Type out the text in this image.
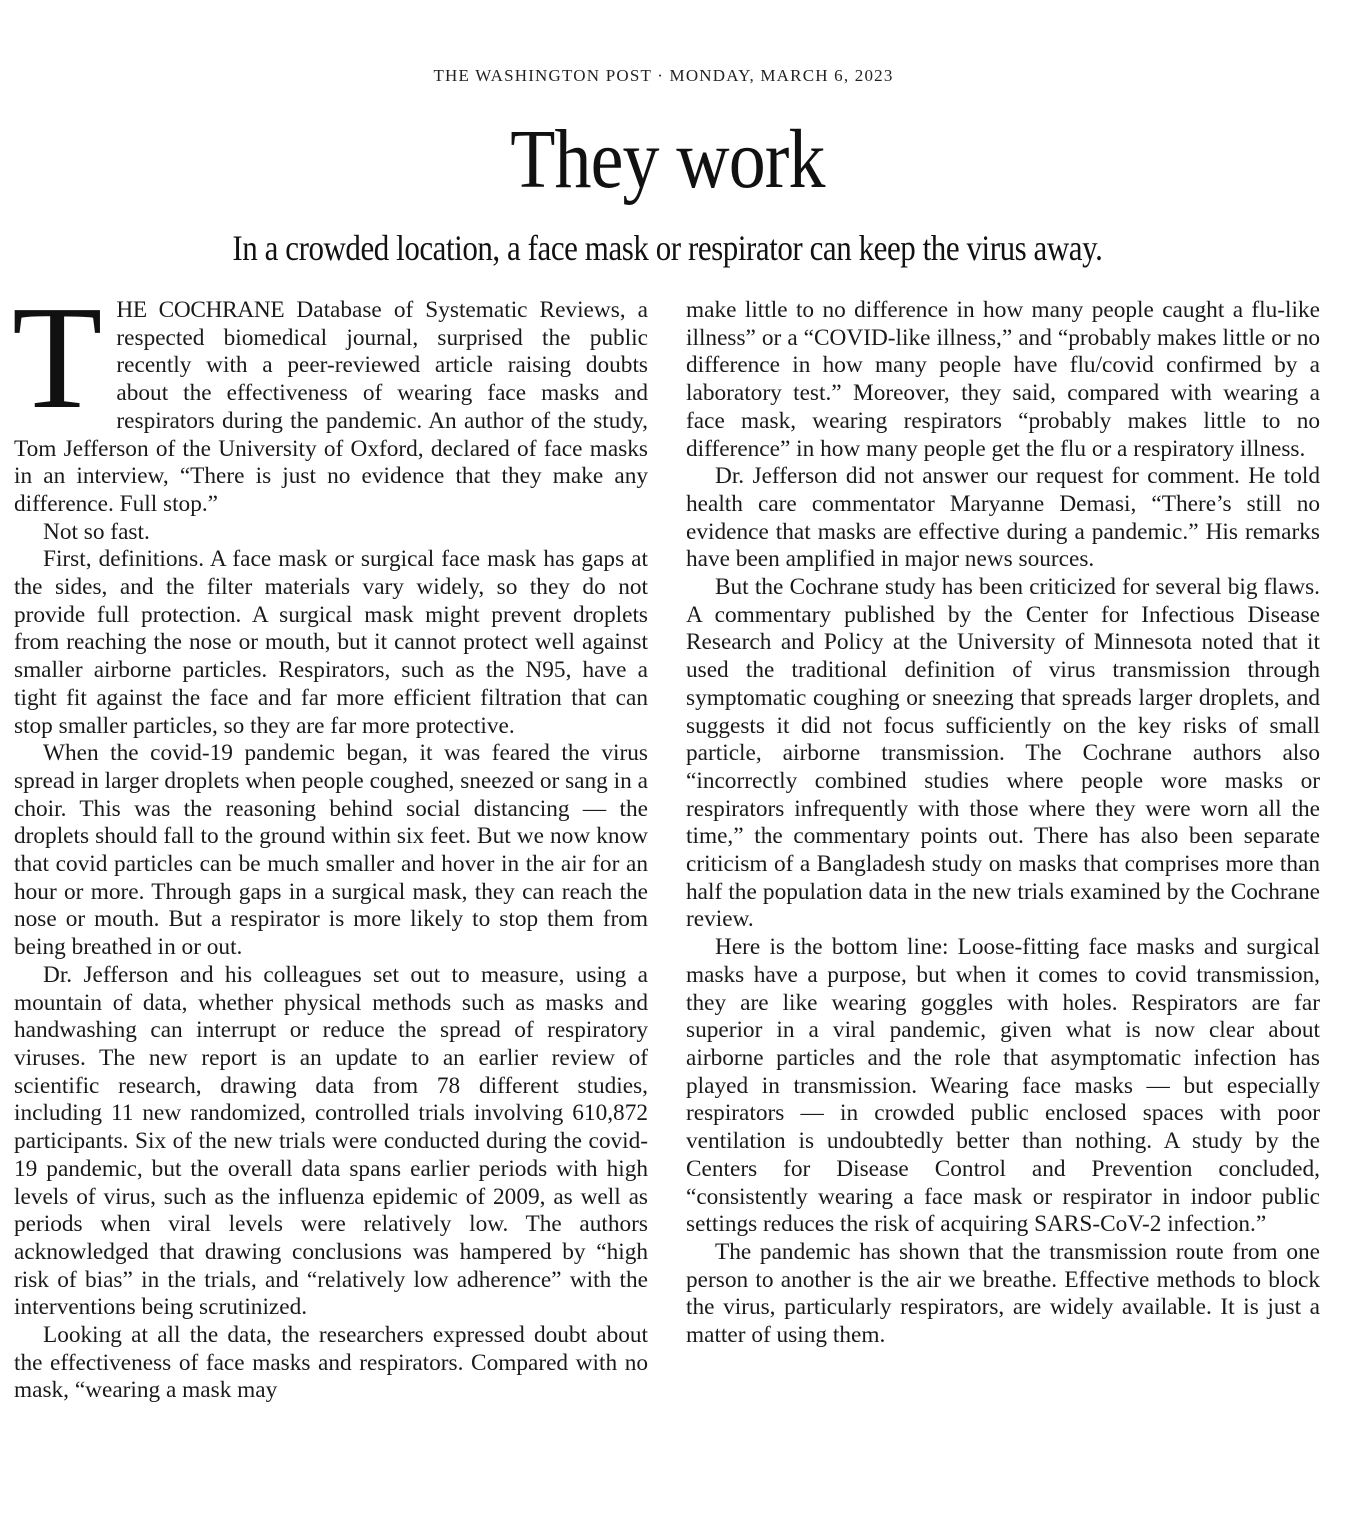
THE WASHINGTON POST · MONDAY, MARCH 6, 2023
They work
In a crowded location, a face mask or respirator can keep the virus away.

THE COCHRANE Database of Systematic Reviews, a respected biomedical journal, surprised the public recently with a peer-reviewed article raising doubts about the effectiveness of wearing face masks and respirators during the pandemic. An author of the study, Tom Jefferson of the University of Oxford, declared of face masks in an interview, “There is just no evidence that they make any difference. Full stop.”

Not so fast.

First, definitions. A face mask or surgical face mask has gaps at the sides, and the filter materials vary widely, so they do not provide full protection. A surgical mask might prevent droplets from reaching the nose or mouth, but it cannot protect well against smaller airborne particles. Respirators, such as the N95, have a tight fit against the face and far more efficient filtration that can stop smaller particles, so they are far more protective.

When the covid-19 pandemic began, it was feared the virus spread in larger droplets when people coughed, sneezed or sang in a choir. This was the reasoning behind social distancing — the droplets should fall to the ground within six feet. But we now know that covid particles can be much smaller and hover in the air for an hour or more. Through gaps in a surgical mask, they can reach the nose or mouth. But a respirator is more likely to stop them from being breathed in or out.

Dr. Jefferson and his colleagues set out to measure, using a mountain of data, whether physical methods such as masks and handwashing can interrupt or reduce the spread of respiratory viruses. The new report is an update to an earlier review of scientific research, drawing data from 78 different studies, including 11 new randomized, controlled trials involving 610,872 participants. Six of the new trials were conducted during the covid-19 pandemic, but the overall data spans earlier periods with high levels of virus, such as the influenza epidemic of 2009, as well as periods when viral levels were relatively low. The authors acknowledged that drawing conclusions was hampered by “high risk of bias” in the trials, and “relatively low adherence” with the interventions being scrutinized.

Looking at all the data, the researchers expressed doubt about the effectiveness of face masks and respirators. Compared with no mask, “wearing a mask may

make little to no difference in how many people caught a flu-like illness” or a “COVID-like illness,” and “probably makes little or no difference in how many people have flu/covid confirmed by a laboratory test.” Moreover, they said, compared with wearing a face mask, wearing respirators “probably makes little to no difference” in how many people get the flu or a respiratory illness.

Dr. Jefferson did not answer our request for comment. He told health care commentator Maryanne Demasi, “There’s still no evidence that masks are effective during a pandemic.” His remarks have been amplified in major news sources.

But the Cochrane study has been criticized for several big flaws. A commentary published by the Center for Infectious Disease Research and Policy at the University of Minnesota noted that it used the traditional definition of virus transmission through symptomatic coughing or sneezing that spreads larger droplets, and suggests it did not focus sufficiently on the key risks of small particle, airborne transmission. The Cochrane authors also “incorrectly combined studies where people wore masks or respirators infrequently with those where they were worn all the time,” the commentary points out. There has also been separate criticism of a Bangladesh study on masks that comprises more than half the population data in the new trials examined by the Cochrane review.

Here is the bottom line: Loose-fitting face masks and surgical masks have a purpose, but when it comes to covid transmission, they are like wearing goggles with holes. Respirators are far superior in a viral pandemic, given what is now clear about airborne particles and the role that asymptomatic infection has played in transmission. Wearing face masks — but especially respirators — in crowded public enclosed spaces with poor ventilation is undoubtedly better than nothing. A study by the Centers for Disease Control and Prevention concluded, “consistently wearing a face mask or respirator in indoor public settings reduces the risk of acquiring SARS-CoV-2 infection.”

The pandemic has shown that the transmission route from one person to another is the air we breathe. Effective methods to block the virus, particularly respirators, are widely available. It is just a matter of using them.
